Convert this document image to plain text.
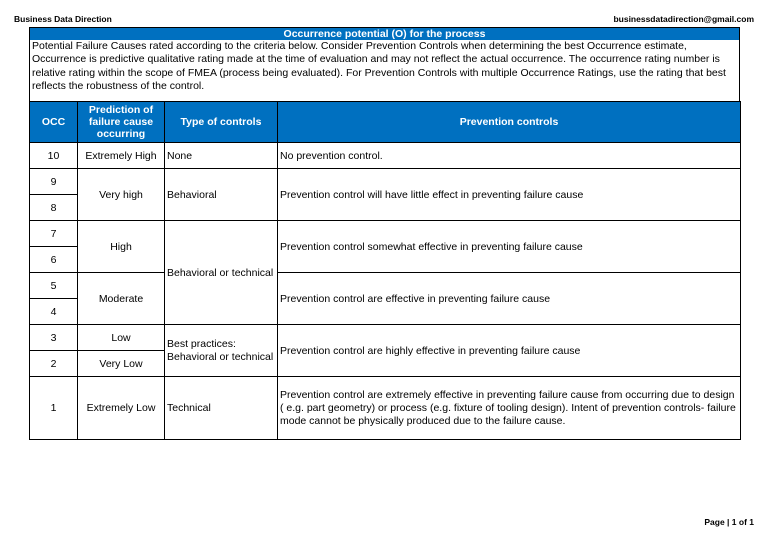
Business Data Direction	businessdatadirection@gmail.com
Occurrence potential (O) for the process
Potential Failure Causes rated according to the criteria below. Consider Prevention Controls when determining the best Occurrence estimate, Occurrence is predictive qualitative rating made at the time of evaluation and may not reflect the actual occurrence. The occurrence rating number is relative rating within the scope of FMEA (process being evaluated). For Prevention Controls with multiple Occurrence Ratings, use the rating that best reflects the robustness of the control.
OCC	Prediction of failure cause occurring	Type of controls	Prevention controls
10	Extremely High	None	No prevention control.
9	Very high	Behavioral	Prevention control will have little effect in preventing failure cause
8			
7	High	Behavioral or technical	Prevention control somewhat effective in preventing failure cause
6			
5	Moderate		Prevention control are effective in preventing failure cause
4			
3	Low	Best practices: Behavioral or technical	Prevention control are highly effective in preventing failure cause
2	Very Low		
1	Extremely Low	Technical	Prevention control are extremely effective in preventing failure cause from occurring due to design ( e.g. part geometry) or process (e.g. fixture of tooling design). Intent of prevention controls- failure mode cannot be physically produced due to the failure cause.
Page | 1 of 1
